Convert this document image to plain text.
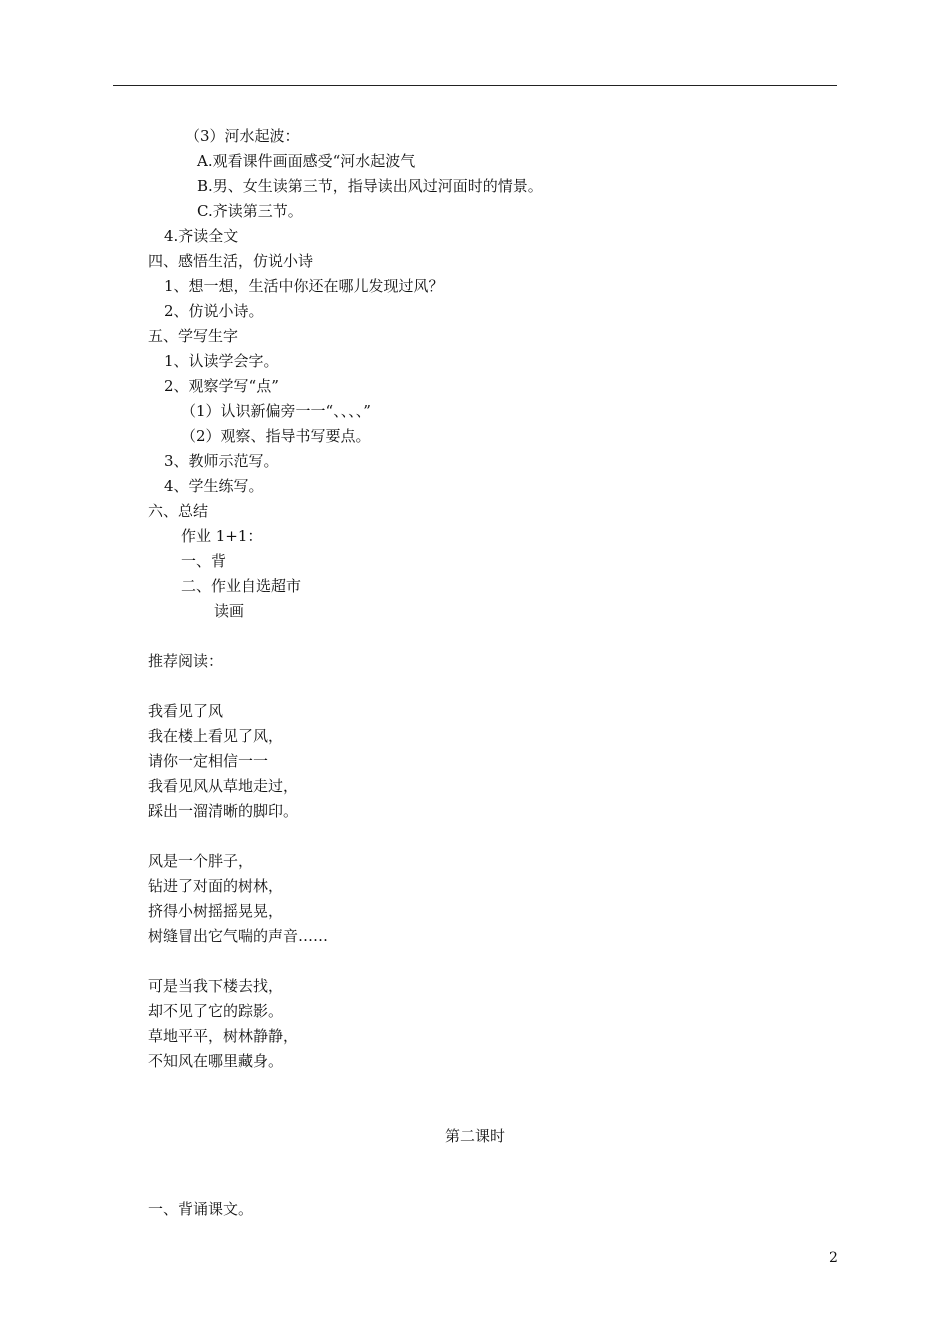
（3）河水起波：
A.观看课件画面感受“河水起波气
B.男、女生读第三节，指导读出风过河面时的情景。
C.齐读第三节。
4.齐读全文
四、感悟生活，仿说小诗
1、想一想，生活中你还在哪儿发现过风？
2、仿说小诗。
五、学写生字
1、认读学会字。
2、观察学写“点”
（1）认识新偏旁一一“、、、、”
（2）观察、指导书写要点。
3、教师示范写。
4、学生练写。
六、总结
作业 1+1：
一、背
二、作业自选超市
读画
推荐阅读：
我看见了风
我在楼上看见了风，
请你一定相信一一
我看见风从草地走过，
踩出一溜清晰的脚印。
风是一个胖子，
钻进了对面的树林，
挤得小树摇摇晃晃，
树缝冒出它气喘的声音……
可是当我下楼去找，
却不见了它的踪影。
草地平平，树林静静，
不知风在哪里藏身。
第二课时
一、背诵课文。
2
